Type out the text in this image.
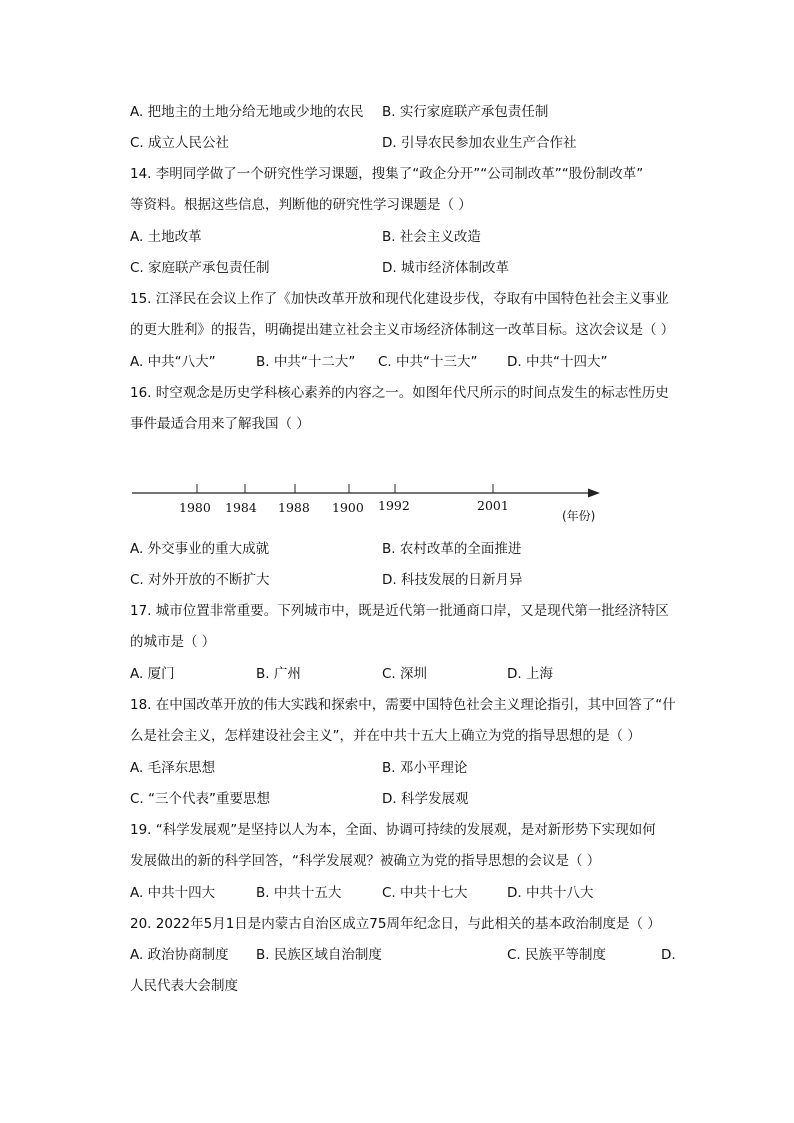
A. 把地主的土地分给无地或少地的农民 B. 实行家庭联产承包责任制
C. 成立人民公社	D. 引导农民参加农业生产合作社
14. 李明同学做了一个研究性学习课题，搜集了“政企分开”“公司制改革”“股份制改革”
等资料。根据这些信息，判断他的研究性学习课题是（ ）
A. 土地改革	B. 社会主义改造
C. 家庭联产承包责任制	D. 城市经济体制改革
15. 江泽民在会议上作了《加快改革开放和现代化建设步伐，夺取有中国特色社会主义事业
的更大胜利》的报告，明确提出建立社会主义市场经济体制这一改革目标。这次会议是（ ）
A. 中共“八大”	B. 中共“十二大” C. 中共“十三大” D. 中共“十四大”
16. 时空观念是历史学科核心素养的内容之一。如图年代尺所示的时间点发生的标志性历史
事件最适合用来了解我国（ ）
1980 1984 1988 1900 1992	2001
(年份)
A. 外交事业的重大成就	B. 农村改革的全面推进
C. 对外开放的不断扩大	D. 科技发展的日新月异
17. 城市位置非常重要。下列城市中，既是近代第一批通商口岸，又是现代第一批经济特区
的城市是（ ）
A. 厦门	B. 广州	C. 深圳	D. 上海
18. 在中国改革开放的伟大实践和探索中，需要中国特色社会主义理论指引，其中回答了“什
么是社会主义，怎样建设社会主义”，并在中共十五大上确立为党的指导思想的是（ ）
A. 毛泽东思想	B. 邓小平理论
C. “三个代表”重要思想	D. 科学发展观
19. “科学发展观”是坚持以人为本，全面、协调可持续的发展观，是对新形势下实现如何
发展做出的新的科学回答，“科学发展观？被确立为党的指导思想的会议是（ ）
A. 中共十四大	B. 中共十五大	C. 中共十七大	D. 中共十八大
20. 2022年5月1日是内蒙古自治区成立75周年纪念日，与此相关的基本政治制度是（ ）
A. 政治协商制度 B. 民族区域自治制度	C. 民族平等制度	D.
人民代表大会制度
